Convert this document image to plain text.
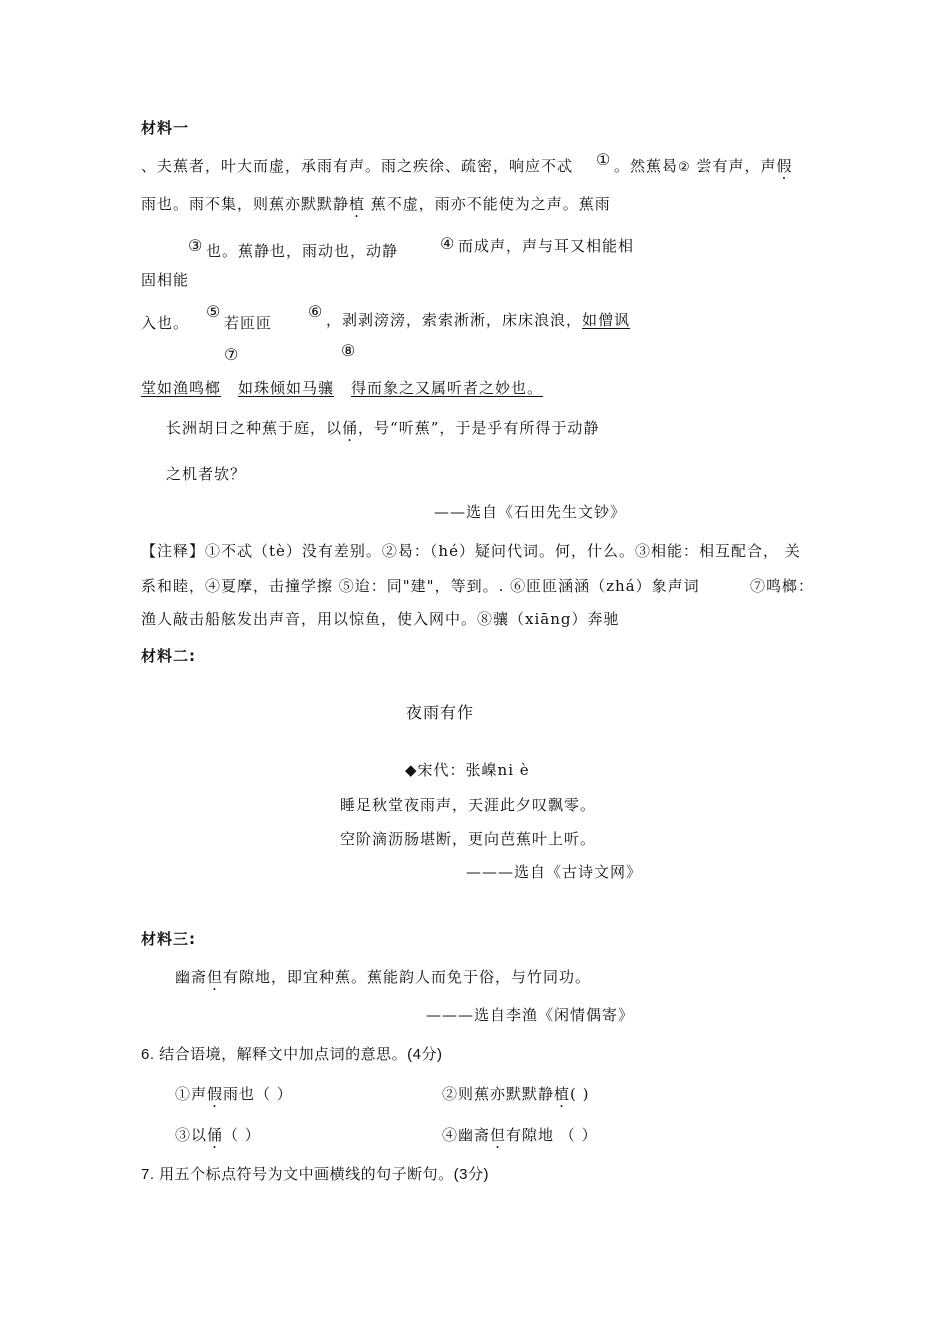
材料一
、夫蕉者，叶大而虚，承雨有声。雨之疾徐、疏密，响应不忒 ① 。然蕉曷② 尝有声，声假
雨也。雨不集，则蕉亦默默静植 蕉不虚，雨亦不能使为之声。蕉雨
③ 也。蕉静也，雨动也，动静	④ 而成声，声与耳又相能相
固相能
入也。
⑤
若匝匝
⑥ ，剥剥滂滂，索索淅淅，床床浪浪，如僧讽
⑦	⑧
堂如渔鸣榔 如珠倾如马骧 得而象之又属听者之妙也。
长洲胡日之种蕉于庭，以俑，号“听蕉”，于是乎有所得于动静
之机者欤？
——选自《石田先生文钞》
【注释】①不忒（tè）没有差别。②曷：（hé）疑问代词。何，什么。③相能：相互配合， 关
系和睦，④夏摩，击撞学擦 ⑤迨：同"建"，等到。. ⑥匝匝涵涵（zhá）象声词	⑦鸣榔：
渔人敲击船舷发出声音，用以惊鱼，使入网中。⑧骧（xiāng）奔驰
材料二:
夜雨有作
◆宋代：张嵲ni è
睡足秋堂夜雨声，天涯此夕叹飘零。
空阶滴沥肠堪断，更向芭蕉叶上听。
———选自《古诗文网》
材料三:
幽斋但有隙地，即宜种蕉。蕉能韵人而免于俗，与竹同功。
———选自李渔《闲情偶寄》
6. 结合语境，解释文中加点词的意思。(4分)
①声假雨也（ ）	②则蕉亦默默静植( )
③以俑（ ）	④幽斋但有隙地 （ ）
7. 用五个标点符号为文中画横线的句子断句。(3分)
